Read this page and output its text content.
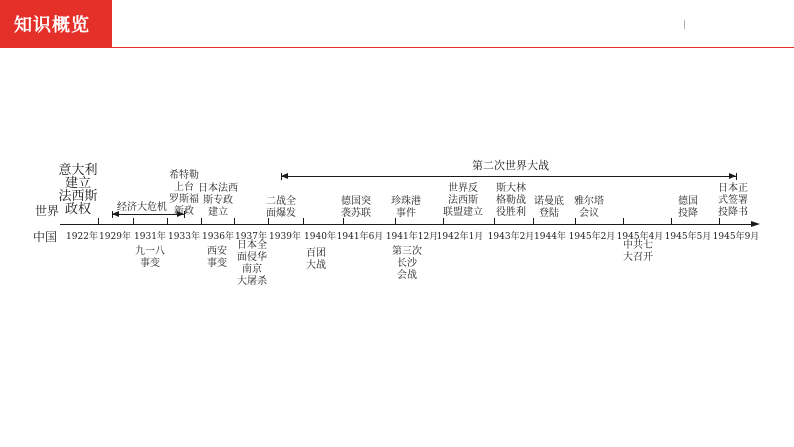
知识概览
世界
中国
经济大危机
第二次世界大战
1922年 1929年 1931年 1933年 1936年 1937年 1939年 1940年 1941年6月 1941年12月
1942年1月 1943年2月 1944年 1945年2月 1945年4月 1945年5月 1945年9月
意大利
建立
法西斯
政权
希特勒
上台
罗斯福
新政
日本法西
斯专政
建立
二战全
面爆发
德国突
袭苏联
珍珠港
事件
世界反
法西斯
联盟建立
斯大林
格勒战
役胜利
诺曼底
登陆
雅尔塔
会议
德国
投降
日本正
式签署
投降书
九一八
事变
西安
事变
日本全
面侵华
南京
大屠杀
百团
大战
第三次
长沙
会战
中共七
大召开
